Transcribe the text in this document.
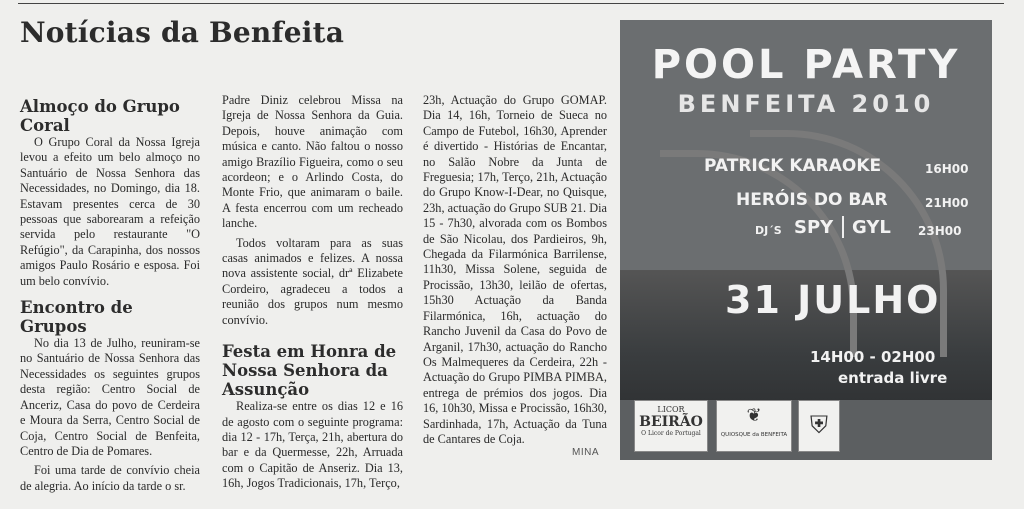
Notícias da Benfeita
Almoço do Grupo Coral

O Grupo Coral da Nossa Igreja levou a efeito um belo almoço no Santuário de Nossa Senhora das Necessidades, no Domingo, dia 18. Estavam presentes cerca de 30 pessoas que saborearam a refeição servida pelo restaurante "O Refúgio", da Carapinha, dos nossos amigos Paulo Rosário e esposa. Foi um belo convívio.

Encontro de Grupos

No dia 13 de Julho, reuniram-se no Santuário de Nossa Senhora das Necessidades os seguintes grupos desta região: Centro Social de Anceriz, Casa do povo de Cerdeira e Moura da Serra, Centro Social de Coja, Centro Social de Benfeita, Centro de Dia de Pomares.

Foi uma tarde de convívio cheia de alegria. Ao início da tarde o sr.

Padre Diniz celebrou Missa na Igreja de Nossa Senhora da Guia. Depois, houve animação com música e canto. Não faltou o nosso amigo Brazílio Figueira, como o seu acordeon; e o Arlindo Costa, do Monte Frio, que animaram o baile. A festa encerrou com um recheado lanche.

Todos voltaram para as suas casas animados e felizes. A nossa nova assistente social, drª Elizabete Cordeiro, agradeceu a todos a reunião dos grupos num mesmo convívio.

Festa em Honra de Nossa Senhora da Assunção

Realiza-se entre os dias 12 e 16 de agosto com o seguinte programa: dia 12 - 17h, Terça, 21h, abertura do bar e da Quermesse, 22h, Arruada com o Capitão de Anseriz. Dia 13, 16h, Jogos Tradicionais, 17h, Terço,

23h, Actuação do Grupo GOMAP. Dia 14, 16h, Torneio de Sueca no Campo de Futebol, 16h30, Aprender é divertido - Histórias de Encantar, no Salão Nobre da Junta de Freguesia; 17h, Terço, 21h, Actuação do Grupo Know-I-Dear, no Quisque, 23h, actuação do Grupo SUB 21. Dia 15 - 7h30, alvorada com os Bombos de São Nicolau, dos Pardieiros, 9h, Chegada da Filarmónica Barrilense, 11h30, Missa Solene, seguida de Procissão, 13h30, leilão de ofertas, 15h30 Actuação da Banda Filarmónica, 16h, actuação do Rancho Juvenil da Casa do Povo de Arganil, 17h30, actuação do Rancho Os Malmequeres da Cerdeira, 22h - Actuação do Grupo PIMBA PIMBA, entrega de prémios dos jogos. Dia 16, 10h30, Missa e Procissão, 16h30, Sardinhada, 17h, Actuação da Tuna de Cantares de Coja.

MINA
POOL PARTY
BENFEITA 2010
PATRICK KARAOKE	16H00
HERÓIS DO BAR	21H00
DJ´S SPY GYL 23H00
31 JULHO
14H00 - 02H00
entrada livre
LICOR
BEIRÃO
O Licor de Portugal
❦
QUIOSQUE da BENFEITA ⛨
